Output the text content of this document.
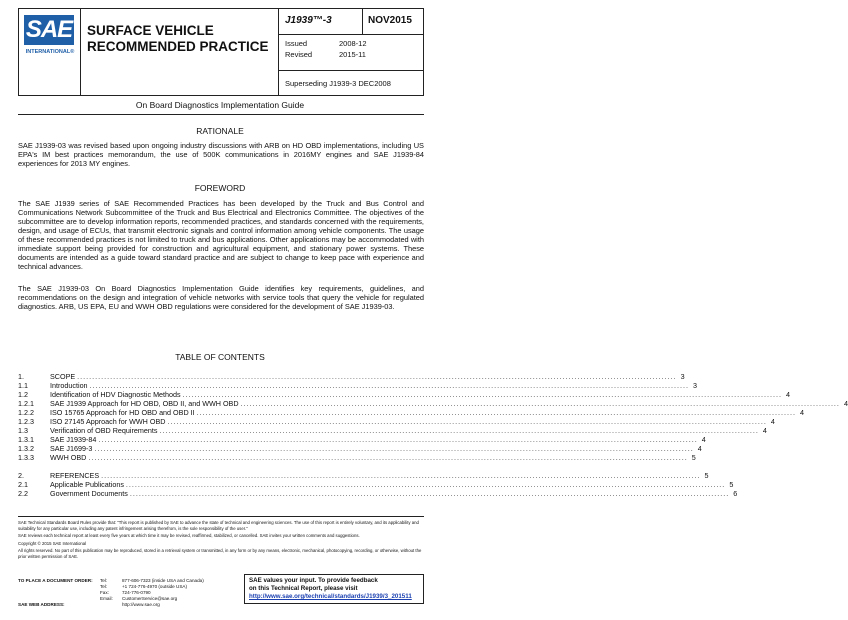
SAE
INTERNATIONAL®
SURFACE VEHICLE
RECOMMENDED PRACTICE
J1939™-3	NOV2015
Issued	2008-12
Revised	2015-11
Superseding J1939-3 DEC2008
On Board Diagnostics Implementation Guide
RATIONALE
SAE J1939-03 was revised based upon ongoing industry discussions with ARB on HD OBD implementations, including US EPA's IM best practices memorandum, the use of 500K communications in 2016MY engines and SAE J1939-84 experiences for 2013 MY engines.
FOREWORD
The SAE J1939 series of SAE Recommended Practices has been developed by the Truck and Bus Control and Communications Network Subcommittee of the Truck and Bus Electrical and Electronics Committee. The objectives of the subcommittee are to develop information reports, recommended practices, and standards concerned with the requirements, design, and usage of ECUs, that transmit electronic signals and control information among vehicle components. The usage of these recommended practices is not limited to truck and bus applications. Other applications may be accommodated with immediate support being provided for construction and agricultural equipment, and stationary power systems. These documents are intended as a guide toward standard practice and are subject to change to keep pace with experience and technical advances.
The SAE J1939-03 On Board Diagnostics Implementation Guide identifies key requirements, guidelines, and recommendations on the design and integration of vehicle networks with service tools that query the vehicle for regulated diagnostics. ARB, US EPA, EU and WWH OBD regulations were considered for the development of SAE J1939-03.
TABLE OF CONTENTS
1.	SCOPE ........................................................................................................................................................................................................ 3
1.1	Introduction ........................................................................................................................................................................................................ 3
1.2	Identification of HDV Diagnostic Methods ........................................................................................................................................................................................................ 4
1.2.1	SAE J1939 Approach for HD OBD, OBD II, and WWH OBD ........................................................................................................................................................................................................ 4
1.2.2	ISO 15765 Approach for HD OBD and OBD II ........................................................................................................................................................................................................ 4
1.2.3	ISO 27145 Approach for WWH OBD ........................................................................................................................................................................................................ 4
1.3	Verification of OBD Requirements ........................................................................................................................................................................................................ 4
1.3.1	SAE J1939-84 ........................................................................................................................................................................................................ 4
1.3.2	SAE J1699-3 ........................................................................................................................................................................................................ 4
1.3.3	WWH OBD ........................................................................................................................................................................................................ 5
2.	REFERENCES ........................................................................................................................................................................................................ 5
2.1	Applicable Publications ........................................................................................................................................................................................................ 5
2.2	Government Documents ........................................................................................................................................................................................................ 6

SAE Technical Standards Board Rules provide that: "This report is published by SAE to advance the state of technical and engineering sciences. The use of this report is entirely voluntary, and its applicability and suitability for any particular use, including any patent infringement arising therefrom, is the sole responsibility of the user."

SAE reviews each technical report at least every five years at which time it may be revised, reaffirmed, stabilized, or cancelled. SAE invites your written comments and suggestions.

Copyright © 2015 SAE International

All rights reserved. No part of this publication may be reproduced, stored in a retrieval system or transmitted, in any form or by any means, electronic, mechanical, photocopying, recording, or otherwise, without the prior written permission of SAE.

TO PLACE A DOCUMENT ORDER:	Tel:	877-606-7323 (inside USA and Canada)
Tel:	+1 724-776-4970 (outside USA)
Fax:	724-776-0790
Email:	CustomerService@sae.org
SAE WEB ADDRESS:	http://www.sae.org
SAE values your input. To provide feedback
on this Technical Report, please visit
http://www.sae.org/technical/standards/J1939/3_201511
